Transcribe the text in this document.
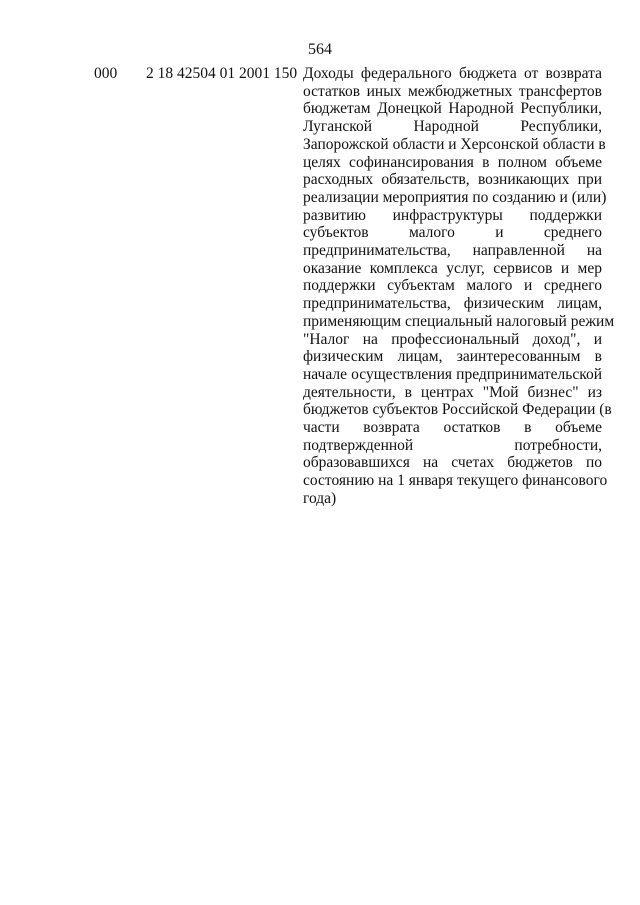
564
000 2 18 42504 01 2001 150 Доходы федерального бюджета от возврата
остатков иных межбюджетных трансфертов
бюджетам Донецкой Народной Республики,
Луганской Народной Республики,
Запорожской области и Херсонской области в
целях софинансирования в полном объеме
расходных обязательств, возникающих при
реализации мероприятия по созданию и (или)
развитию инфраструктуры поддержки
субъектов малого и среднего
предпринимательства, направленной на
оказание комплекса услуг, сервисов и мер
поддержки субъектам малого и среднего
предпринимательства, физическим лицам,
применяющим специальный налоговый режим
"Налог на профессиональный доход", и
физическим лицам, заинтересованным в
начале осуществления предпринимательской
деятельности, в центрах "Мой бизнес" из
бюджетов субъектов Российской Федерации (в
части возврата остатков в объеме
подтвержденной потребности,
образовавшихся на счетах бюджетов по
состоянию на 1 января текущего финансового
года)
